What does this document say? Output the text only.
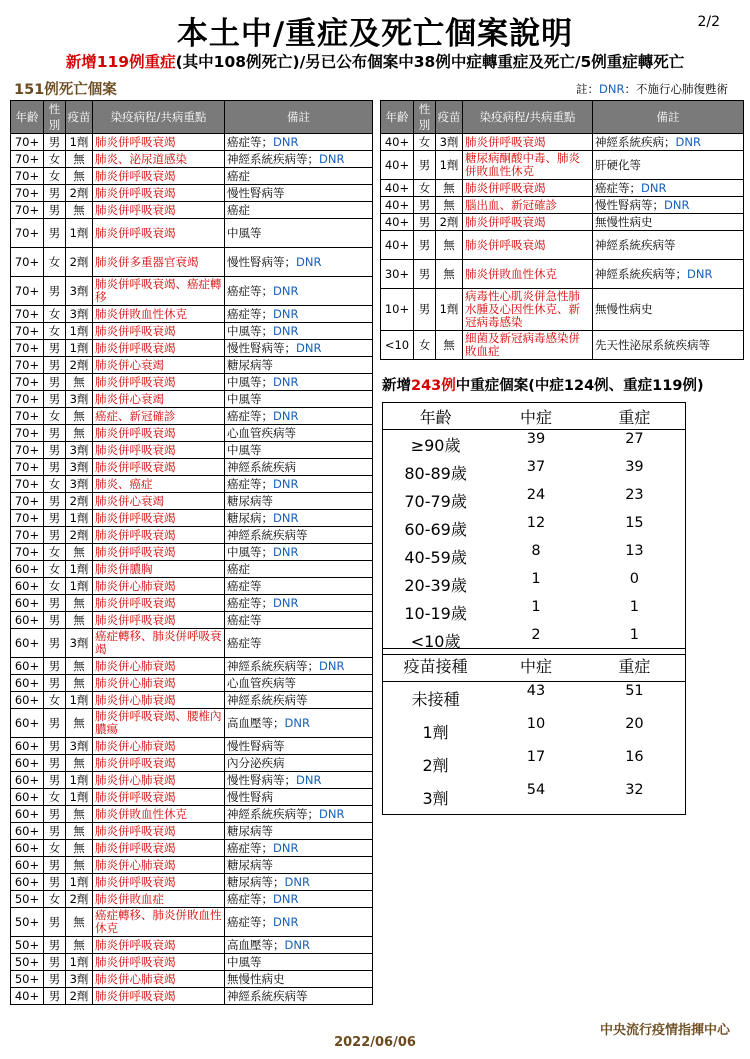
本土中/重症及死亡個案說明	2/2
新增119例重症(其中108例死亡)/另已公布個案中38例中症轉重症及死亡/5例重症轉死亡
151例死亡個案	註：DNR：不施行心肺復甦術
年齡	性別	疫苗	染疫病程/共病重點	備註
70+	男	1劑	肺炎併呼吸衰竭	癌症等；DNR
70+	女	無	肺炎、泌尿道感染	神經系統疾病等；DNR
70+	女	無	肺炎併呼吸衰竭	癌症
70+	男	2劑	肺炎併呼吸衰竭	慢性腎病等
70+	男	無	肺炎併呼吸衰竭	癌症
70+	男	1劑	肺炎併呼吸衰竭	中風等
70+	女	2劑	肺炎併多重器官衰竭	慢性腎病等；DNR
70+	男	3劑	肺炎併呼吸衰竭、癌症轉移	癌症等；DNR
70+	女	3劑	肺炎併敗血性休克	癌症等；DNR
70+	女	1劑	肺炎併呼吸衰竭	中風等；DNR
70+	男	1劑	肺炎併呼吸衰竭	慢性腎病等；DNR
70+	男	2劑	肺炎併心衰竭	糖尿病等
70+	男	無	肺炎併呼吸衰竭	中風等；DNR
70+	男	3劑	肺炎併心衰竭	中風等
70+	女	無	癌症、新冠確診	癌症等；DNR
70+	男	無	肺炎併呼吸衰竭	心血管疾病等
70+	男	3劑	肺炎併呼吸衰竭	中風等
70+	男	3劑	肺炎併呼吸衰竭	神經系統疾病
70+	女	3劑	肺炎、癌症	癌症等；DNR
70+	男	2劑	肺炎併心衰竭	糖尿病等
70+	男	1劑	肺炎併呼吸衰竭	糖尿病；DNR
70+	男	2劑	肺炎併呼吸衰竭	神經系統疾病等
70+	女	無	肺炎併呼吸衰竭	中風等；DNR
60+	女	1劑	肺炎併膿胸	癌症
60+	女	1劑	肺炎併心肺衰竭	癌症等
60+	男	無	肺炎併呼吸衰竭	癌症等；DNR
60+	男	無	肺炎併呼吸衰竭	癌症等
60+	男	3劑	癌症轉移、肺炎併呼吸衰竭	癌症等
60+	男	無	肺炎併心肺衰竭	神經系統疾病等；DNR
60+	男	無	肺炎併心肺衰竭	心血管疾病等
60+	女	1劑	肺炎併心肺衰竭	神經系統疾病等
60+	男	無	肺炎併呼吸衰竭、腰椎內膿瘍	高血壓等；DNR
60+	男	3劑	肺炎併心肺衰竭	慢性腎病等
60+	男	無	肺炎併呼吸衰竭	內分泌疾病
60+	男	1劑	肺炎併心肺衰竭	慢性腎病等；DNR
60+	女	1劑	肺炎併呼吸衰竭	慢性腎病
60+	男	無	肺炎併敗血性休克	神經系統疾病等；DNR
60+	男	無	肺炎併呼吸衰竭	糖尿病等
60+	女	無	肺炎併呼吸衰竭	癌症等；DNR
60+	男	無	肺炎併心肺衰竭	糖尿病等
60+	男	1劑	肺炎併呼吸衰竭	糖尿病等；DNR
50+	女	2劑	肺炎併敗血症	癌症等；DNR
50+	男	無	癌症轉移、肺炎併敗血性休克	癌症等；DNR
50+	男	無	肺炎併呼吸衰竭	高血壓等；DNR
50+	男	1劑	肺炎併呼吸衰竭	中風等
50+	男	3劑	肺炎併心肺衰竭	無慢性病史
40+	男	2劑	肺炎併呼吸衰竭	神經系統疾病等
年齡	性別	疫苗	染疫病程/共病重點	備註
40+	女	3劑	肺炎併呼吸衰竭	神經系統疾病；DNR
40+	男	1劑	糖尿病酮酸中毒、肺炎併敗血性休克	肝硬化等
40+	女	無	肺炎併呼吸衰竭	癌症等；DNR
40+	男	無	腦出血、新冠確診	慢性腎病等；DNR
40+	男	2劑	肺炎併呼吸衰竭	無慢性病史
40+	男	無	肺炎併呼吸衰竭	神經系統疾病等
30+	男	無	肺炎併敗血性休克	神經系統疾病等；DNR
10+	男	1劑	病毒性心肌炎併急性肺水腫及心因性休克、新冠病毒感染	無慢性病史
<10	女	無	細菌及新冠病毒感染併敗血症	先天性泌尿系統疾病等
新增243例中重症個案(中症124例、重症119例)
年齡	中症	重症
≥90歲	39	27
80-89歲	37	39
70-79歲	24	23
60-69歲	12	15
40-59歲	8	13
20-39歲	1	0
10-19歲	1	1
<10歲	2	1
疫苗接種	中症	重症
未接種	43	51
1劑	10	20
2劑	17	16
3劑	54	32
中央流行疫情指揮中心
2022/06/06
